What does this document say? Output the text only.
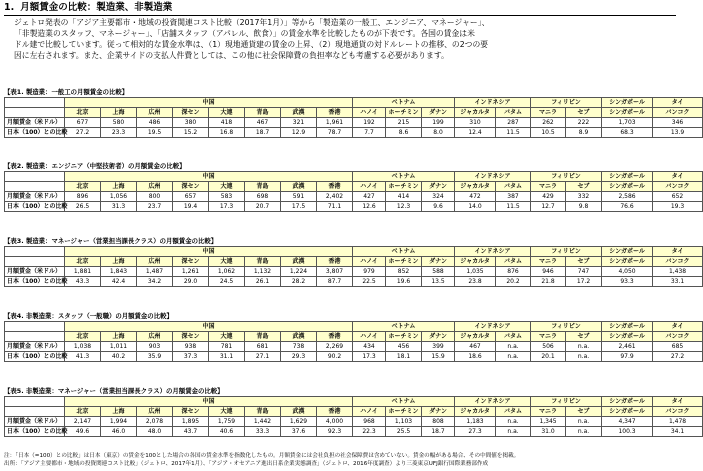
1. 月額賃金の比較：製造業、非製造業

ジェトロ発表の「アジア主要都市・地域の投資関連コスト比較（2017年1月）」等から「製造業の一般工、エンジニア、マネージャー」、
「非製造業のスタッフ、マネージャー」、「店舗スタッフ（アパレル、飲食）」の賃金水準を比較したものが下表です。各国の賃金は米
ドル建で比較しています。従って相対的な賃金水準は、（1）現地通貨建の賃金の上昇、（2）現地通貨の対ドルレートの推移、の2つの要
因に左右されます。また、企業サイドの支払人件費としては、この他に社会保障費の負担率なども考慮する必要があります。

【表1. 製造業：一般工の月額賃金の比較】
	中国								ベトナム			インドネシア		フィリピン		シンガポール	タイ
	北京	上海	広州	深セン	大連	青島	武漢	香港	ハノイ	ホーチミン	ダナン	ジャカルタ	バタム	マニラ	セブ	シンガポール	バンコク
月額賃金（米ドル）	677	580	486	380	418	467	321	1,961	192	215	199	310	287	262	222	1,703	346
日本（100）との比較	27.2	23.3	19.5	15.2	16.8	18.7	12.9	78.7	7.7	8.6	8.0	12.4	11.5	10.5	8.9	68.3	13.9
【表2. 製造業：エンジニア（中堅技術者）の月額賃金の比較】
	中国								ベトナム			インドネシア		フィリピン		シンガポール	タイ
	北京	上海	広州	深セン	大連	青島	武漢	香港	ハノイ	ホーチミン	ダナン	ジャカルタ	バタム	マニラ	セブ	シンガポール	バンコク
月額賃金（米ドル）	896	1,056	800	657	583	698	591	2,402	427	414	324	472	387	429	332	2,586	652
日本（100）との比較	26.5	31.3	23.7	19.4	17.3	20.7	17.5	71.1	12.6	12.3	9.6	14.0	11.5	12.7	9.8	76.6	19.3
【表3. 製造業：マネージャー（営業担当課長クラス）の月額賃金の比較】
	中国								ベトナム			インドネシア		フィリピン		シンガポール	タイ
	北京	上海	広州	深セン	大連	青島	武漢	香港	ハノイ	ホーチミン	ダナン	ジャカルタ	バタム	マニラ	セブ	シンガポール	バンコク
月額賃金（米ドル）	1,881	1,843	1,487	1,261	1,062	1,132	1,224	3,807	979	852	588	1,035	876	946	747	4,050	1,438
日本（100）との比較	43.3	42.4	34.2	29.0	24.5	26.1	28.2	87.7	22.5	19.6	13.5	23.8	20.2	21.8	17.2	93.3	33.1
【表4. 非製造業：スタッフ（一般職）の月額賃金の比較】
	中国								ベトナム			インドネシア		フィリピン		シンガポール	タイ
	北京	上海	広州	深セン	大連	青島	武漢	香港	ハノイ	ホーチミン	ダナン	ジャカルタ	バタム	マニラ	セブ	シンガポール	バンコク
月額賃金（米ドル）	1,038	1,011	903	938	781	681	738	2,269	434	456	399	467	n.a.	506	n.a.	2,461	685
日本（100）との比較	41.3	40.2	35.9	37.3	31.1	27.1	29.3	90.2	17.3	18.1	15.9	18.6	n.a.	20.1	n.a.	97.9	27.2
【表5. 非製造業：マネージャー（営業担当課長クラス）の月額賃金の比較】
	中国								ベトナム			インドネシア		フィリピン		シンガポール	タイ
	北京	上海	広州	深セン	大連	青島	武漢	香港	ハノイ	ホーチミン	ダナン	ジャカルタ	バタム	マニラ	セブ	シンガポール	バンコク
月額賃金（米ドル）	2,147	1,994	2,078	1,895	1,759	1,442	1,629	4,000	968	1,103	808	1,183	n.a.	1,345	n.a.	4,347	1,478
日本（100）との比較	49.6	46.0	48.0	43.7	40.6	33.3	37.6	92.3	22.3	25.5	18.7	27.3	n.a.	31.0	n.a.	100.3	34.1

注：「日本（=100）との比較」は日本（東京）の賃金を100とした場合の各国の賃金水準を指数化したもの。月額賃金には会社負担の社会保障費は含めていない。賃金の幅がある場合、その中間値を掲載。
出所：「アジア主要都市・地域の投資関連コスト比較」（ジェトロ、2017年1月）、「アジア・オセアニア進出日系企業実態調査」（ジェトロ、2016年度調査）より三菱東京UFJ銀行国際業務部作成
